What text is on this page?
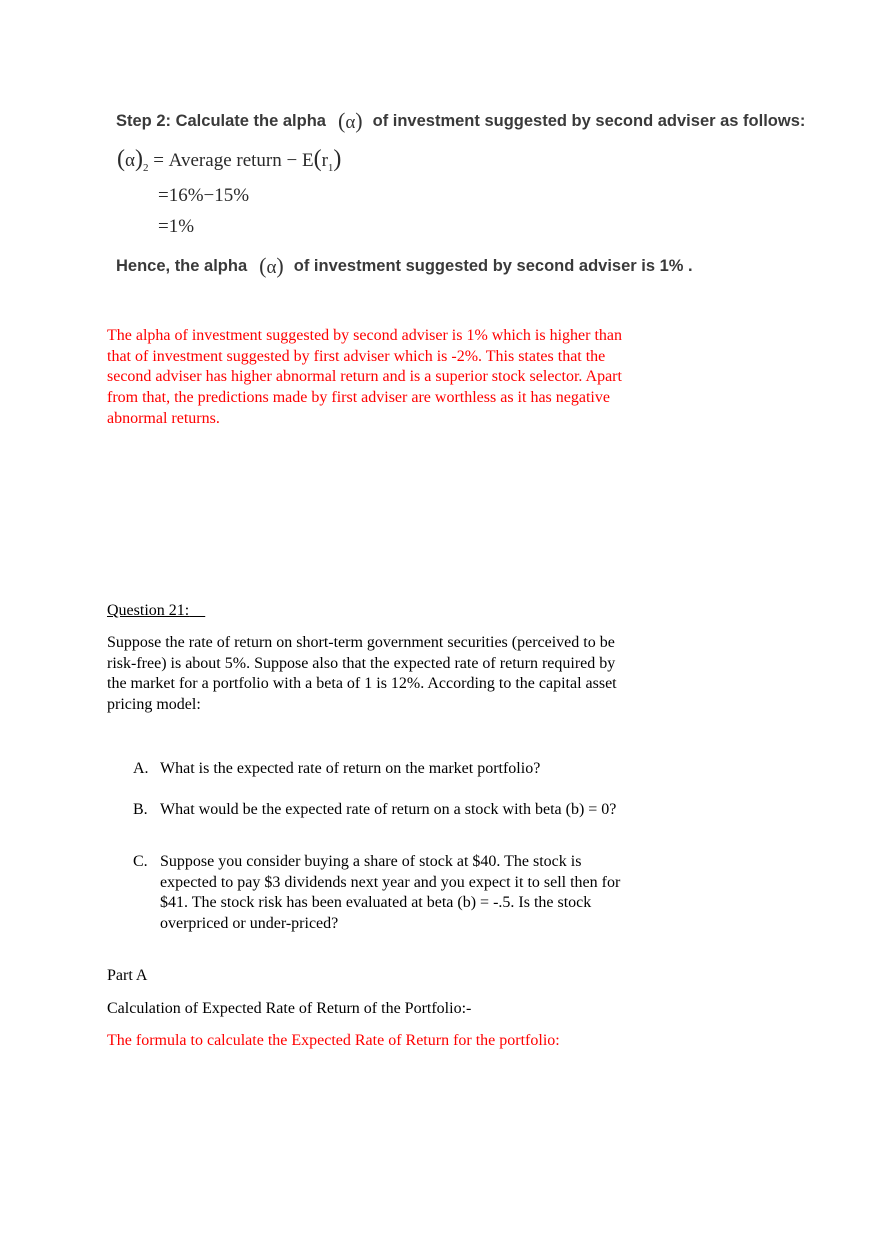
Step 2: Calculate the alpha (α) of investment suggested by second adviser as follows:
$(\alpha)_2$ = Average return − $E(r_1)$
=16%−15%
=1%
Hence, the alpha (α) of investment suggested by second adviser is 1% .
The alpha of investment suggested by second adviser is 1% which is higher than
that of investment suggested by first adviser which is -2%. This states that the
second adviser has higher abnormal return and is a superior stock selector. Apart
from that, the predictions made by first adviser are worthless as it has negative
abnormal returns.
Question 21:
Suppose the rate of return on short-term government securities (perceived to be
risk-free) is about 5%. Suppose also that the expected rate of return required by
the market for a portfolio with a beta of 1 is 12%. According to the capital asset
pricing model:
A. What is the expected rate of return on the market portfolio?
B. What would be the expected rate of return on a stock with beta (b) = 0?
C. Suppose you consider buying a share of stock at $40. The stock is
expected to pay $3 dividends next year and you expect it to sell then for
$41. The stock risk has been evaluated at beta (b) = -.5. Is the stock
overpriced or under-priced?
Part A
Calculation of Expected Rate of Return of the Portfolio:-
The formula to calculate the Expected Rate of Return for the portfolio:
